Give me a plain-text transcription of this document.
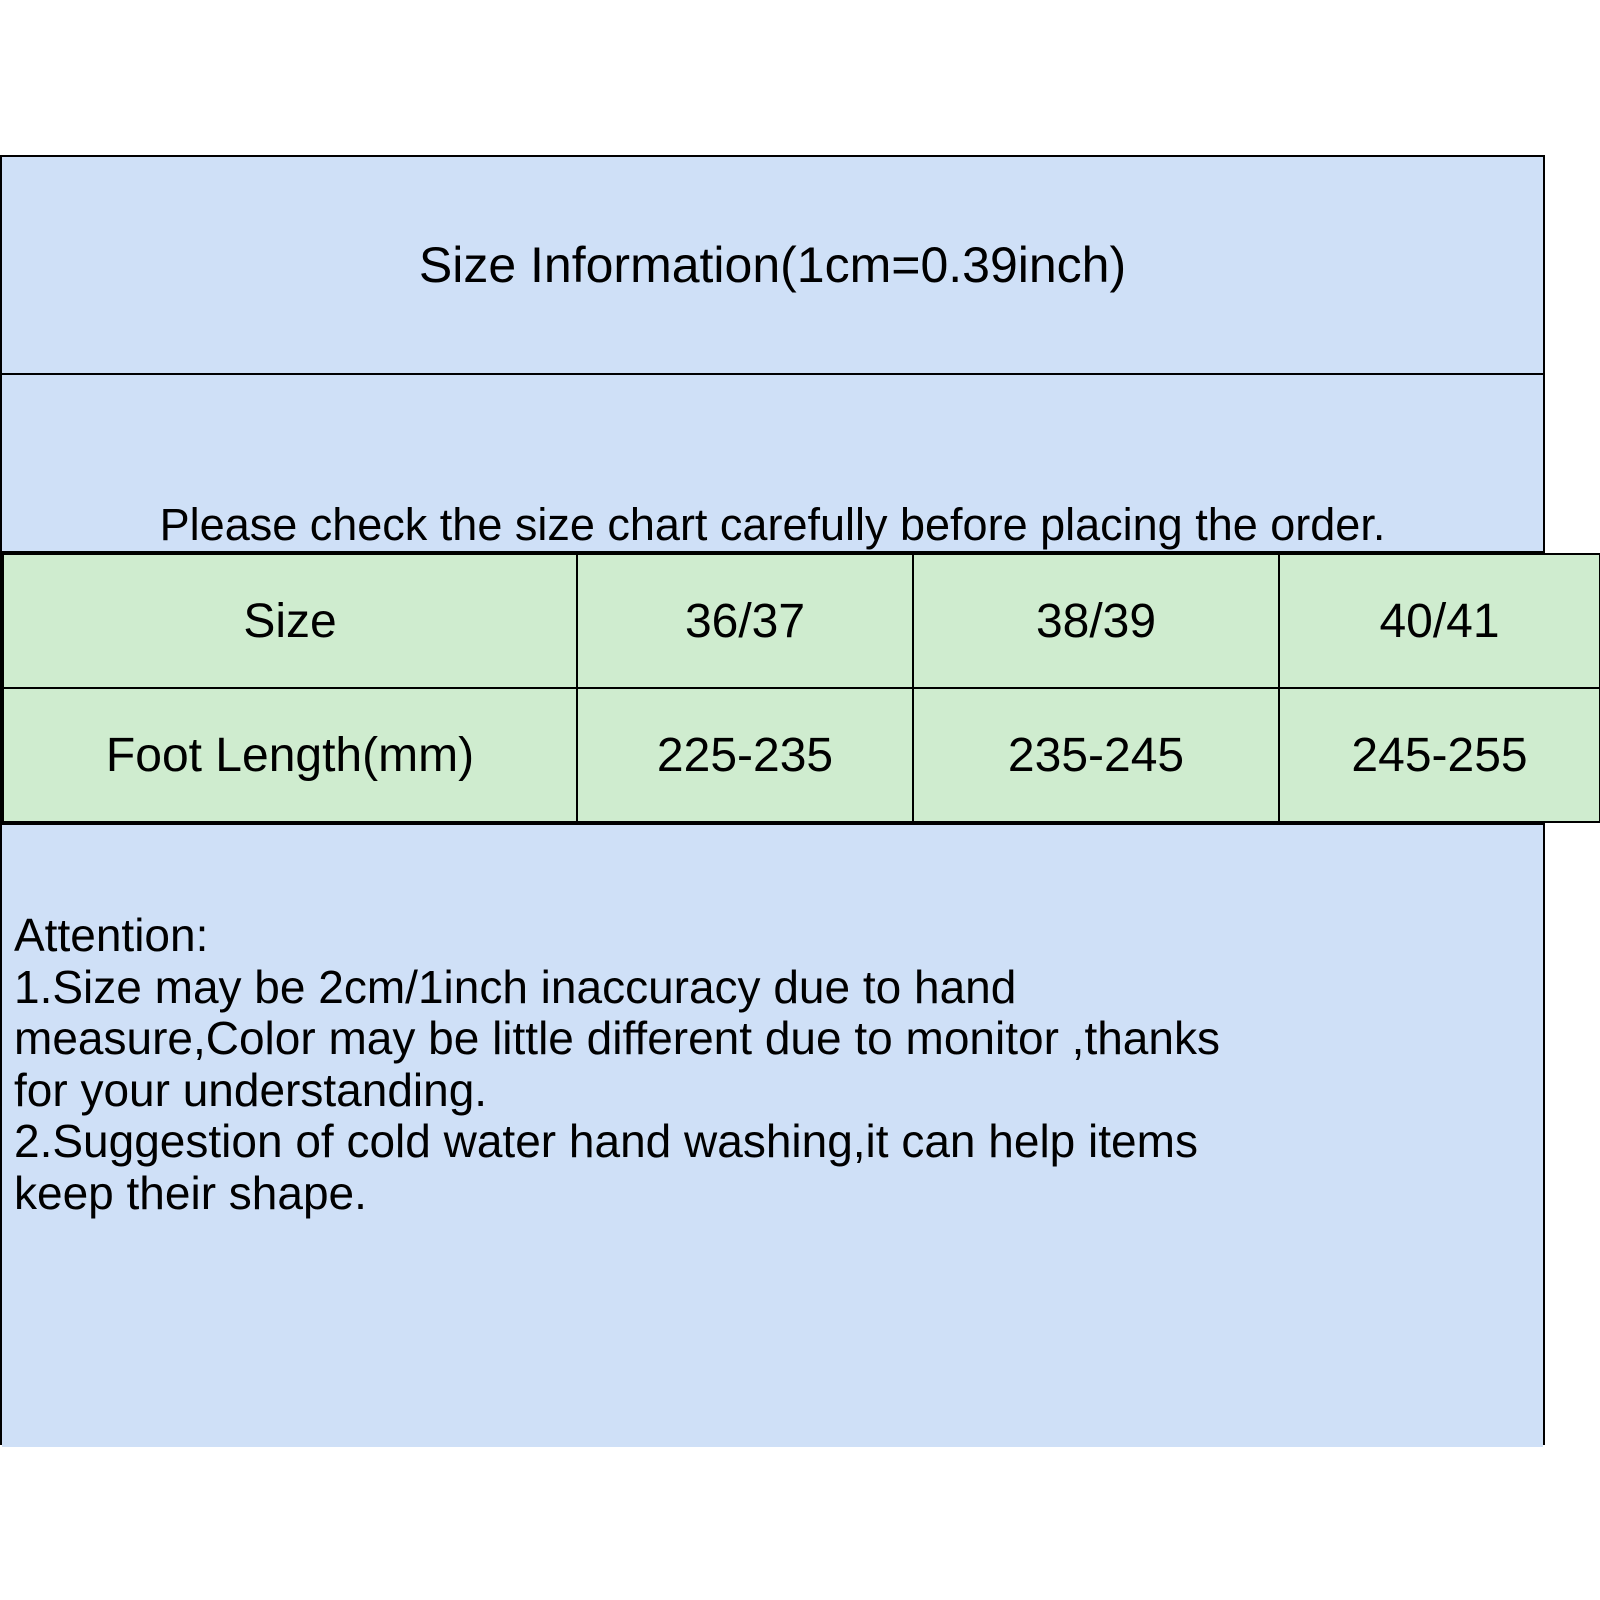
Size Information(1cm=0.39inch)
Please check the size chart carefully before placing the order.
Size	36/37	38/39	40/41
Foot Length(mm)	225-235	235-245	245-255
Attention:
1.Size may be 2cm/1inch inaccuracy due to hand
measure,Color may be little different due to monitor ,thanks
for your understanding.
2.Suggestion of cold water hand washing,it can help items
keep their shape.
